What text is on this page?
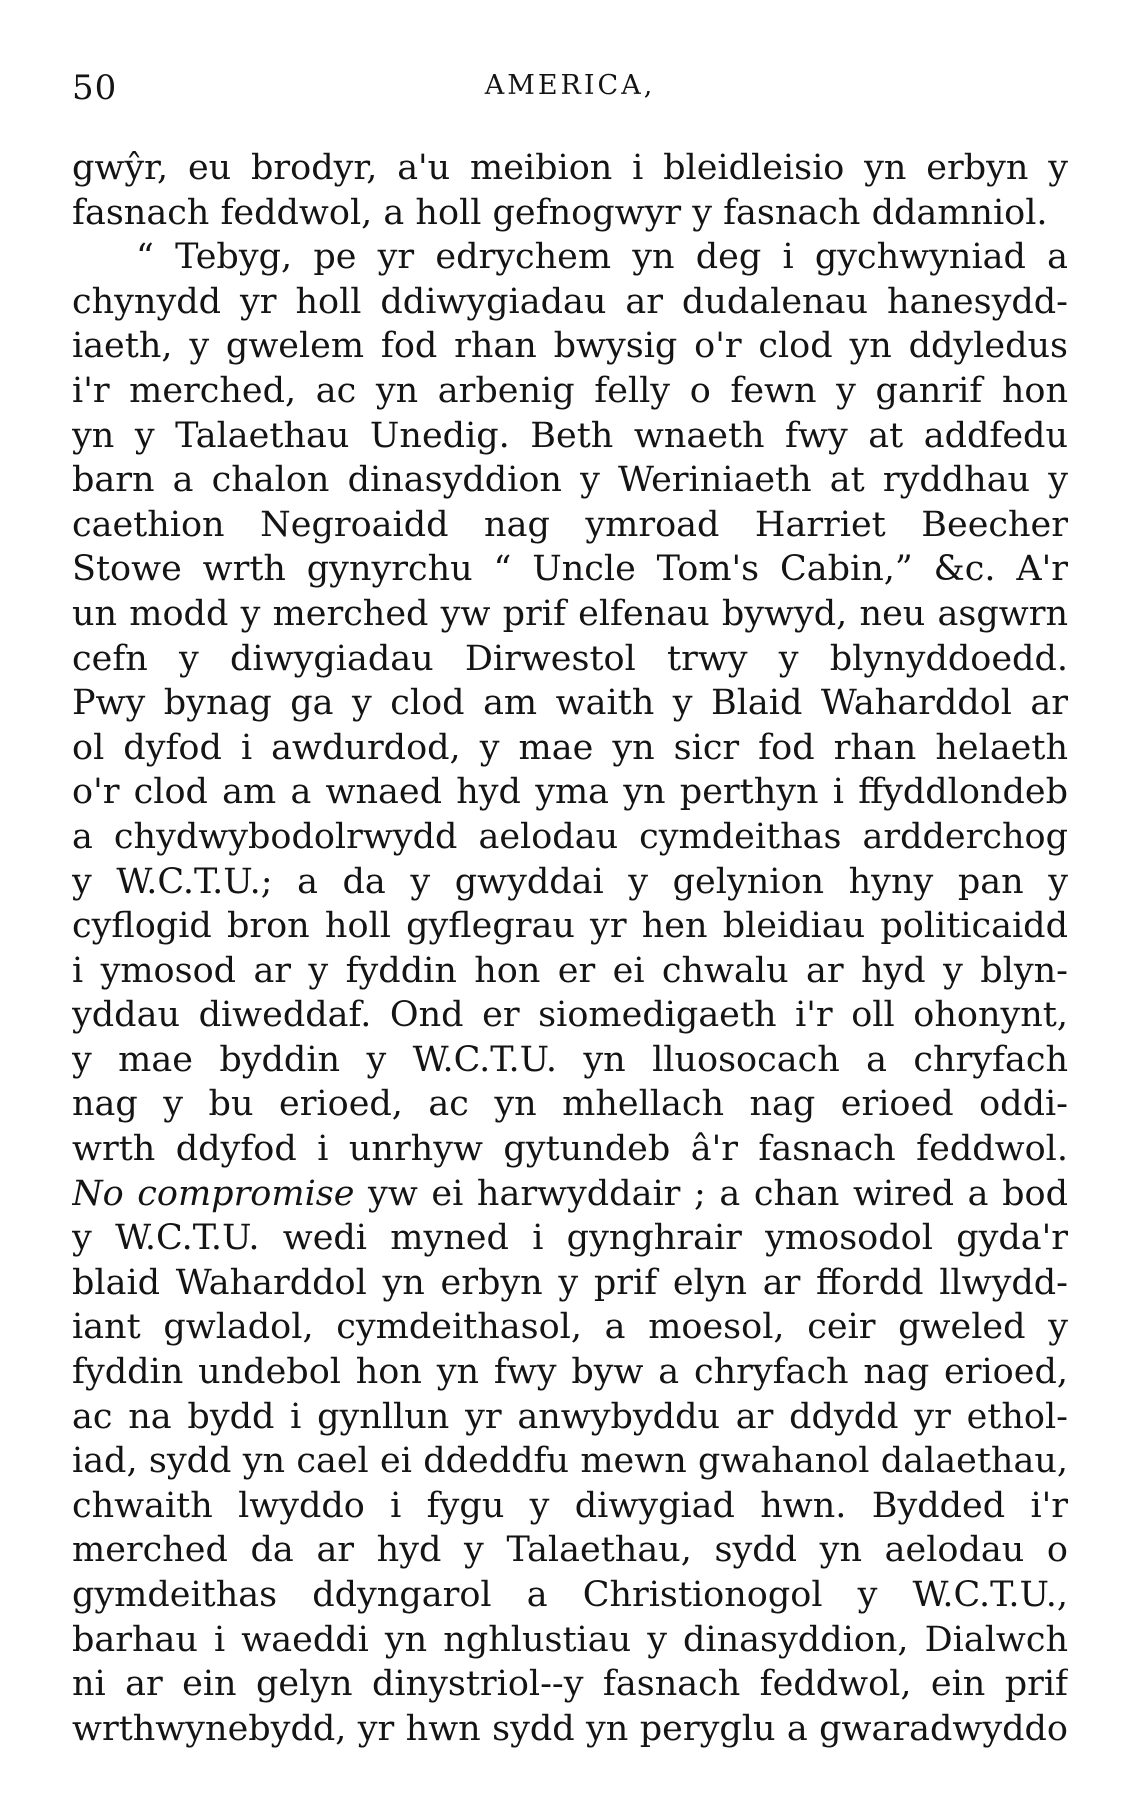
50	AMERICA,
gwŷr, eu brodyr, a'u meibion i bleidleisio yn erbyn y
fasnach feddwol, a holl gefnogwyr y fasnach ddamniol.
“ Tebyg, pe yr edrychem yn deg i gychwyniad a
chynydd yr holl ddiwygiadau ar dudalenau hanesydd-
iaeth, y gwelem fod rhan bwysig o'r clod yn ddyledus
i'r merched, ac yn arbenig felly o fewn y ganrif hon
yn y Talaethau Unedig. Beth wnaeth fwy at addfedu
barn a chalon dinasyddion y Weriniaeth at ryddhau y
caethion Negroaidd nag ymroad Harriet Beecher
Stowe wrth gynyrchu “ Uncle Tom's Cabin,” &c. A'r
un modd y merched yw prif elfenau bywyd, neu asgwrn
cefn y diwygiadau Dirwestol trwy y blynyddoedd.
Pwy bynag ga y clod am waith y Blaid Waharddol ar
ol dyfod i awdurdod, y mae yn sicr fod rhan helaeth
o'r clod am a wnaed hyd yma yn perthyn i ffyddlondeb
a chydwybodolrwydd aelodau cymdeithas ardderchog
y W.C.T.U.; a da y gwyddai y gelynion hyny pan y
cyflogid bron holl gyflegrau yr hen bleidiau politicaidd
i ymosod ar y fyddin hon er ei chwalu ar hyd y blyn-
yddau diweddaf. Ond er siomedigaeth i'r oll ohonynt,
y mae byddin y W.C.T.U. yn lluosocach a chryfach
nag y bu erioed, ac yn mhellach nag erioed oddi-
wrth ddyfod i unrhyw gytundeb â'r fasnach feddwol.
No compromise yw ei harwyddair ; a chan wired a bod
y W.C.T.U. wedi myned i gynghrair ymosodol gyda'r
blaid Waharddol yn erbyn y prif elyn ar ffordd llwydd-
iant gwladol, cymdeithasol, a moesol, ceir gweled y
fyddin undebol hon yn fwy byw a chryfach nag erioed,
ac na bydd i gynllun yr anwybyddu ar ddydd yr ethol-
iad, sydd yn cael ei ddeddfu mewn gwahanol dalaethau,
chwaith lwyddo i fygu y diwygiad hwn. Bydded i'r
merched da ar hyd y Talaethau, sydd yn aelodau o
gymdeithas ddyngarol a Christionogol y W.C.T.U.,
barhau i waeddi yn nghlustiau y dinasyddion, Dialwch
ni ar ein gelyn dinystriol--y fasnach feddwol, ein prif
wrthwynebydd, yr hwn sydd yn peryglu a gwaradwyddo
